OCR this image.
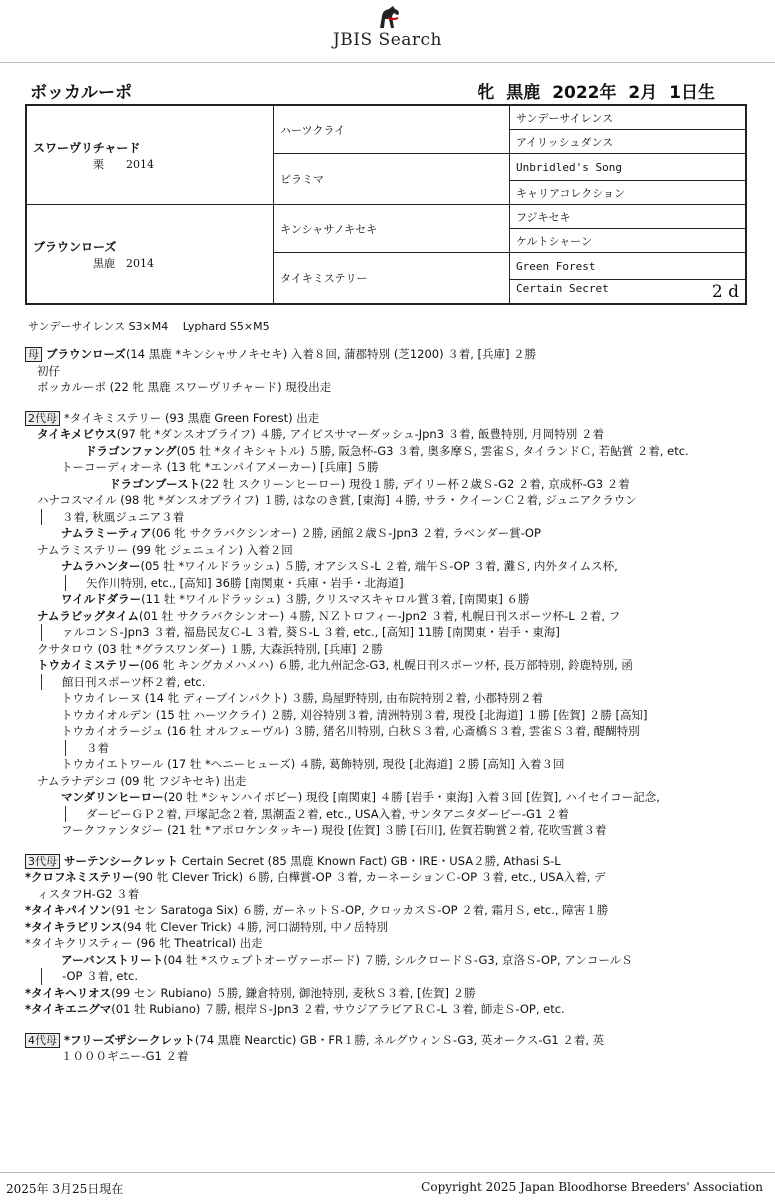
JBIS Search
ボッカルーポ	牝 黒鹿 2022年 2月 1日生
スワーヴリチャード
栗　　2014	ハーツクライ	サンデーサイレンス
		アイリッシュダンス
	ピラミマ	Unbridled's Song
		キャリアコレクション

ブラウンローズ
黒鹿　2014	キンシャサノキセキ	フジキセキ
		ケルトシャーン
	タイキミステリー	Green Forest
		Certain Secret 2 d
サンデーサイレンス S3×M4　 Lyphard S5×M5
母 ブラウンローズ(14 黒鹿 *キンシャサノキセキ) 入着８回, 蒲郡特別 (芝1200) ３着, [兵庫] ２勝
初仔
ボッカルーポ (22 牝 黒鹿 スワーヴリチャード) 現役出走
2代母 *タイキミステリー (93 黒鹿 Green Forest) 出走
タイキメビウス(97 牝 *ダンスオブライフ) ４勝, アイビスサマーダッシュ-Jpn3 ３着, 飯豊特別, 月岡特別 ２着
ドラゴンファング(05 牡 *タイキシャトル) ５勝, 阪急杯-G3 ３着, 奥多摩Ｓ, 雲雀Ｓ, タイランドＣ, 若鮎賞 ２着, etc.
トーコーディオーネ (13 牝 *エンパイアメーカー) [兵庫] ５勝
ドラゴンブースト(22 牡 スクリーンヒーロー) 現役１勝, デイリー杯２歳Ｓ-G2 ２着, 京成杯-G3 ２着
ハナコスマイル (98 牝 *ダンスオブライフ) １勝, はなのき賞, [東海] ４勝, サラ・クイーンＣ２着, ジュニアクラウン
３着, 秋風ジュニア３着
ナムラミーティア(06 牝 サクラバクシンオー) ２勝, 函館２歳Ｓ-Jpn3 ２着, ラベンダー賞-OP
ナムラミステリー (99 牝 ジェニュイン) 入着２回
ナムラハンター(05 牡 *ワイルドラッシュ) ５勝, オアシスＳ-L ２着, 端午Ｓ-OP ３着, 灘Ｓ, 内外タイムス杯,
矢作川特別, etc., [高知] 36勝 [南関東・兵庫・岩手・北海道]
ワイルドダラー(11 牡 *ワイルドラッシュ) ３勝, クリスマスキャロル賞３着, [南関東] ６勝
ナムラビッグタイム(01 牡 サクラバクシンオー) ４勝, ＮＺトロフィー-Jpn2 ３着, 札幌日刊スポーツ杯-L ２着, フ
ァルコンＳ-Jpn3 ３着, 福島民友Ｃ-L ３着, 葵Ｓ-L ３着, etc., [高知] 11勝 [南関東・岩手・東海]
クサタロウ (03 牡 *グラスワンダー) １勝, 大森浜特別, [兵庫] ２勝
トウカイミステリー(06 牝 キングカメハメハ) ６勝, 北九州記念-G3, 札幌日刊スポーツ杯, 長万部特別, 鈴鹿特別, 函
館日刊スポーツ杯２着, etc.
トウカイレーヌ (14 牝 ディープインパクト) ３勝, 鳥屋野特別, 由布院特別２着, 小郡特別２着
トウカイオルデン (15 牡 ハーツクライ) ２勝, 刈谷特別３着, 清洲特別３着, 現役 [北海道] １勝 [佐賀] ２勝 [高知]
トウカイオラージュ (16 牡 オルフェーヴル) ３勝, 猪名川特別, 白秋Ｓ３着, 心斎橋Ｓ３着, 雲雀Ｓ３着, 醍醐特別
３着
トウカイエトワール (17 牡 *ヘニーヒューズ) ４勝, 葛飾特別, 現役 [北海道] ２勝 [高知] 入着３回
ナムラナデシコ (09 牝 フジキセキ) 出走
マンダリンヒーロー(20 牡 *シャンハイボビー) 現役 [南関東] ４勝 [岩手・東海] 入着３回 [佐賀], ハイセイコー記念,
ダービーＧＰ２着, 戸塚記念２着, 黒潮盃２着, etc., USA入着, サンタアニタダービー-G1 ２着
フークファンタジー (21 牡 *アポロケンタッキー) 現役 [佐賀] ３勝 [石川], 佐賀若駒賞２着, 花吹雪賞３着
3代母 サーテンシークレット Certain Secret (85 黒鹿 Known Fact) GB・IRE・USA２勝, Athasi S-L
*クロフネミステリー(90 牝 Clever Trick) ６勝, 白樺賞-OP ３着, カーネーションＣ-OP ３着, etc., USA入着, デ
ィスタフH-G2 ３着
*タイキパイソン(91 セン Saratoga Six) ６勝, ガーネットＳ-OP, クロッカスＳ-OP ２着, 霜月Ｓ, etc., 障害１勝
*タイキラビリンス(94 牝 Clever Trick) ４勝, 河口湖特別, 中ノ岳特別
*タイキクリスティー (96 牝 Theatrical) 出走
アーバンストリート(04 牡 *スウェプトオーヴァーボード) ７勝, シルクロードＳ-G3, 京洛Ｓ-OP, アンコールＳ
-OP ３着, etc.
*タイキヘリオス(99 セン Rubiano) ５勝, 鎌倉特別, 御池特別, 麦秋Ｓ３着, [佐賀] ２勝
*タイキエニグマ(01 牡 Rubiano) ７勝, 根岸Ｓ-Jpn3 ２着, サウジアラビアＲＣ-L ３着, 師走Ｓ-OP, etc.
4代母 *フリーズザシークレット(74 黒鹿 Nearctic) GB・FR１勝, ネルグウィンＳ-G3, 英オークス-G1 ２着, 英
１０００ギニー-G1 ２着
2025年 3月25日現在	Copyright 2025 Japan Bloodhorse Breeders' Association
